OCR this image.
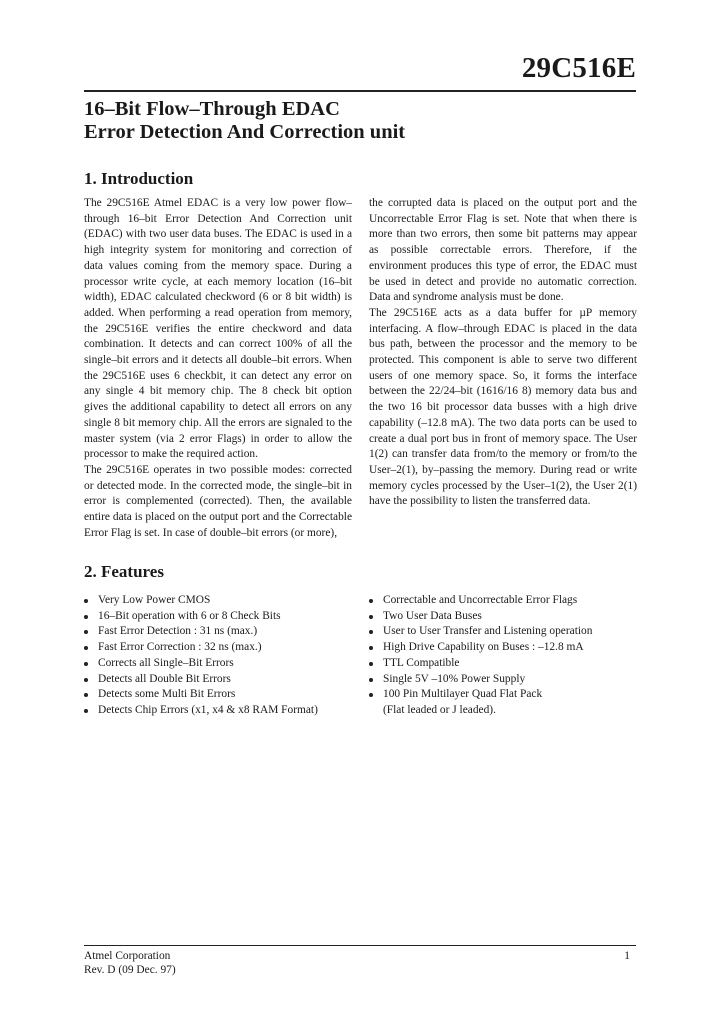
29C516E
16–Bit Flow–Through EDAC
Error Detection And Correction unit
1. Introduction

The 29C516E Atmel EDAC is a very low power flow–through 16–bit Error Detection And Correction unit (EDAC) with two user data buses. The EDAC is used in a high integrity system for monitoring and correction of data values coming from the memory space. During a processor write cycle, at each memory location (16–bit width), EDAC calculated checkword (6 or 8 bit width) is added. When performing a read operation from memory, the 29C516E verifies the entire checkword and data combination. It detects and can correct 100% of all the single–bit errors and it detects all double–bit errors. When the 29C516E uses 6 checkbit, it can detect any error on any single 4 bit memory chip. The 8 check bit option gives the additional capability to detect all errors on any single 8 bit memory chip. All the errors are signaled to the master system (via 2 error Flags) in order to allow the processor to make the required action.

The 29C516E operates in two possible modes: corrected or detected mode. In the corrected mode, the single–bit in error is complemented (corrected). Then, the available entire data is placed on the output port and the Correctable Error Flag is set. In case of double–bit errors (or more),

the corrupted data is placed on the output port and the Uncorrectable Error Flag is set. Note that when there is more than two errors, then some bit patterns may appear as possible correctable errors. Therefore, if the environment produces this type of error, the EDAC must be used in detect and provide no automatic correction. Data and syndrome analysis must be done.

The 29C516E acts as a data buffer for µP memory interfacing. A flow–through EDAC is placed in the data bus path, between the processor and the memory to be protected. This component is able to serve two different users of one memory space. So, it forms the interface between the 22/24–bit (1616/16 8) memory data bus and the two 16 bit processor data busses with a high drive capability (–12.8 mA). The two data ports can be used to create a dual port bus in front of memory space. The User 1(2) can transfer data from/to the memory or from/to the User–2(1), by–passing the memory. During read or write memory cycles processed by the User–1(2), the User 2(1) have the possibility to listen the transferred data.

2. Features
Very Low Power CMOS
16–Bit operation with 6 or 8 Check Bits
Fast Error Detection : 31 ns (max.)
Fast Error Correction : 32 ns (max.)
Corrects all Single–Bit Errors
Detects all Double Bit Errors
Detects some Multi Bit Errors
Detects Chip Errors (x1, x4 & x8 RAM Format)
Correctable and Uncorrectable Error Flags
Two User Data Buses
User to User Transfer and Listening operation
High Drive Capability on Buses : –12.8 mA
TTL Compatible
Single 5V –10% Power Supply
100 Pin Multilayer Quad Flat Pack
(Flat leaded or J leaded).
Atmel Corporation
Rev. D (09 Dec. 97)
1
